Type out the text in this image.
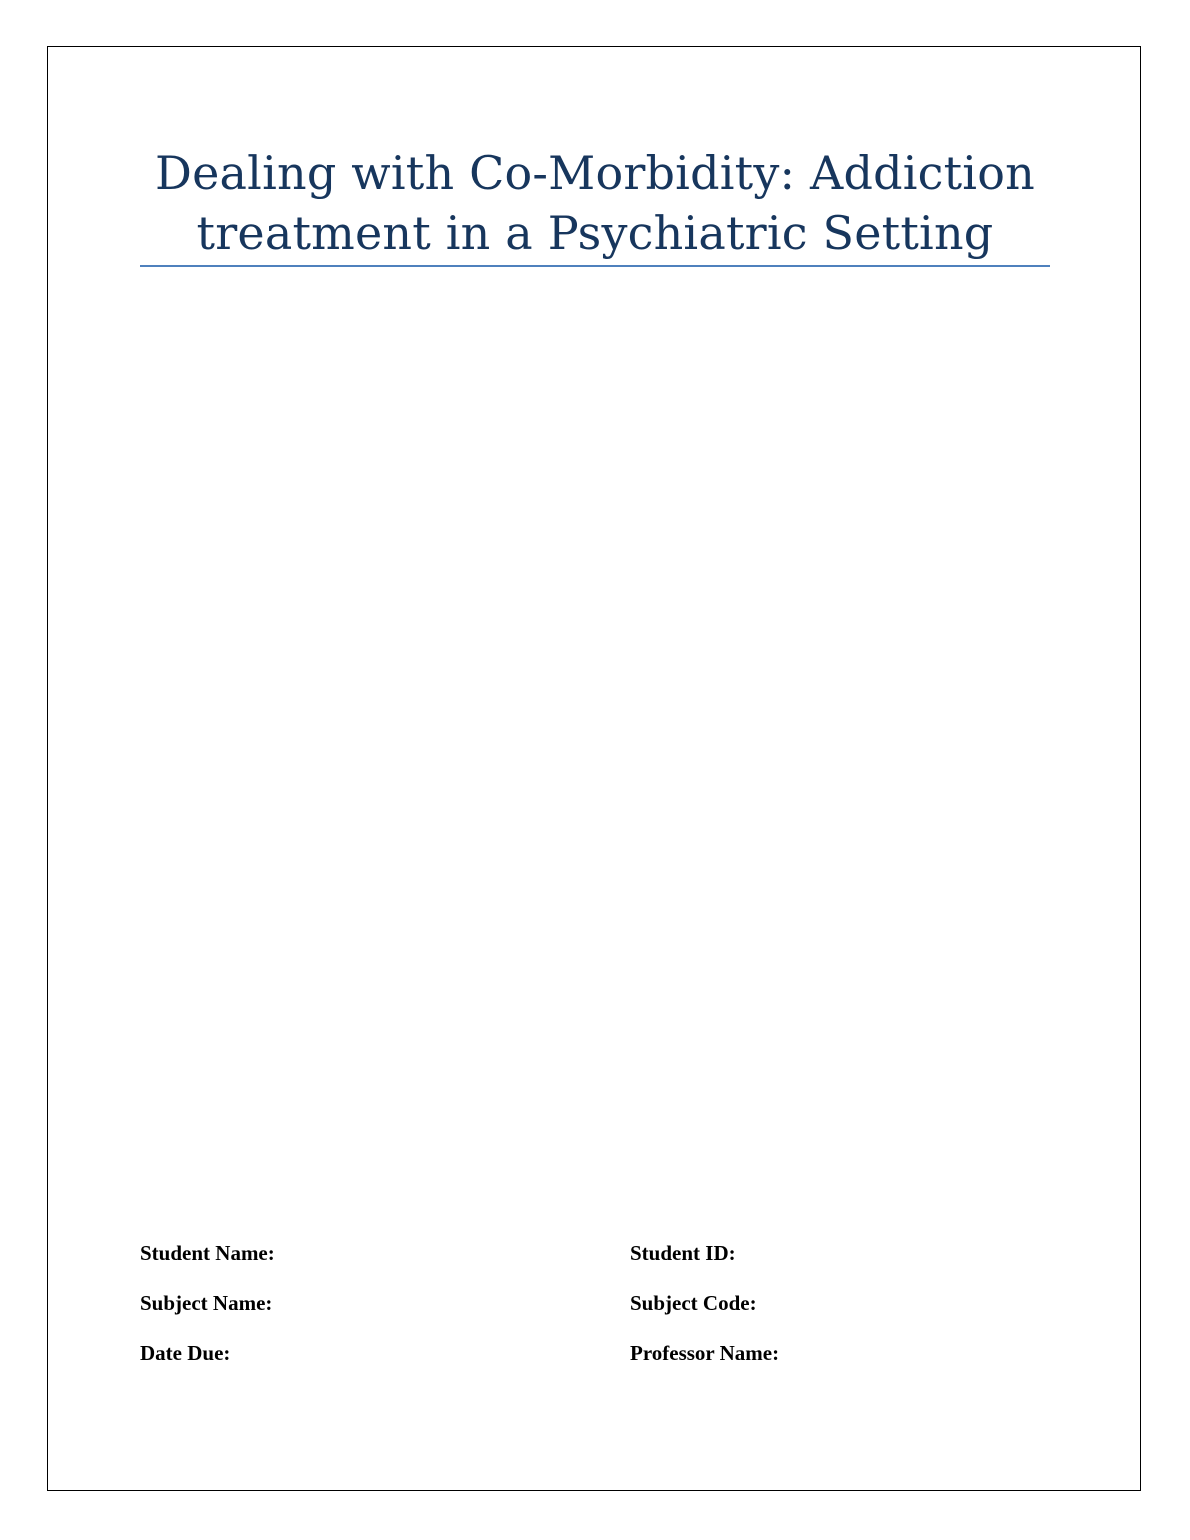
Dealing with Co-Morbidity: Addiction
treatment in a Psychiatric Setting
Student Name:	Student ID:
Subject Name:	Subject Code:
Date Due:	Professor Name:
